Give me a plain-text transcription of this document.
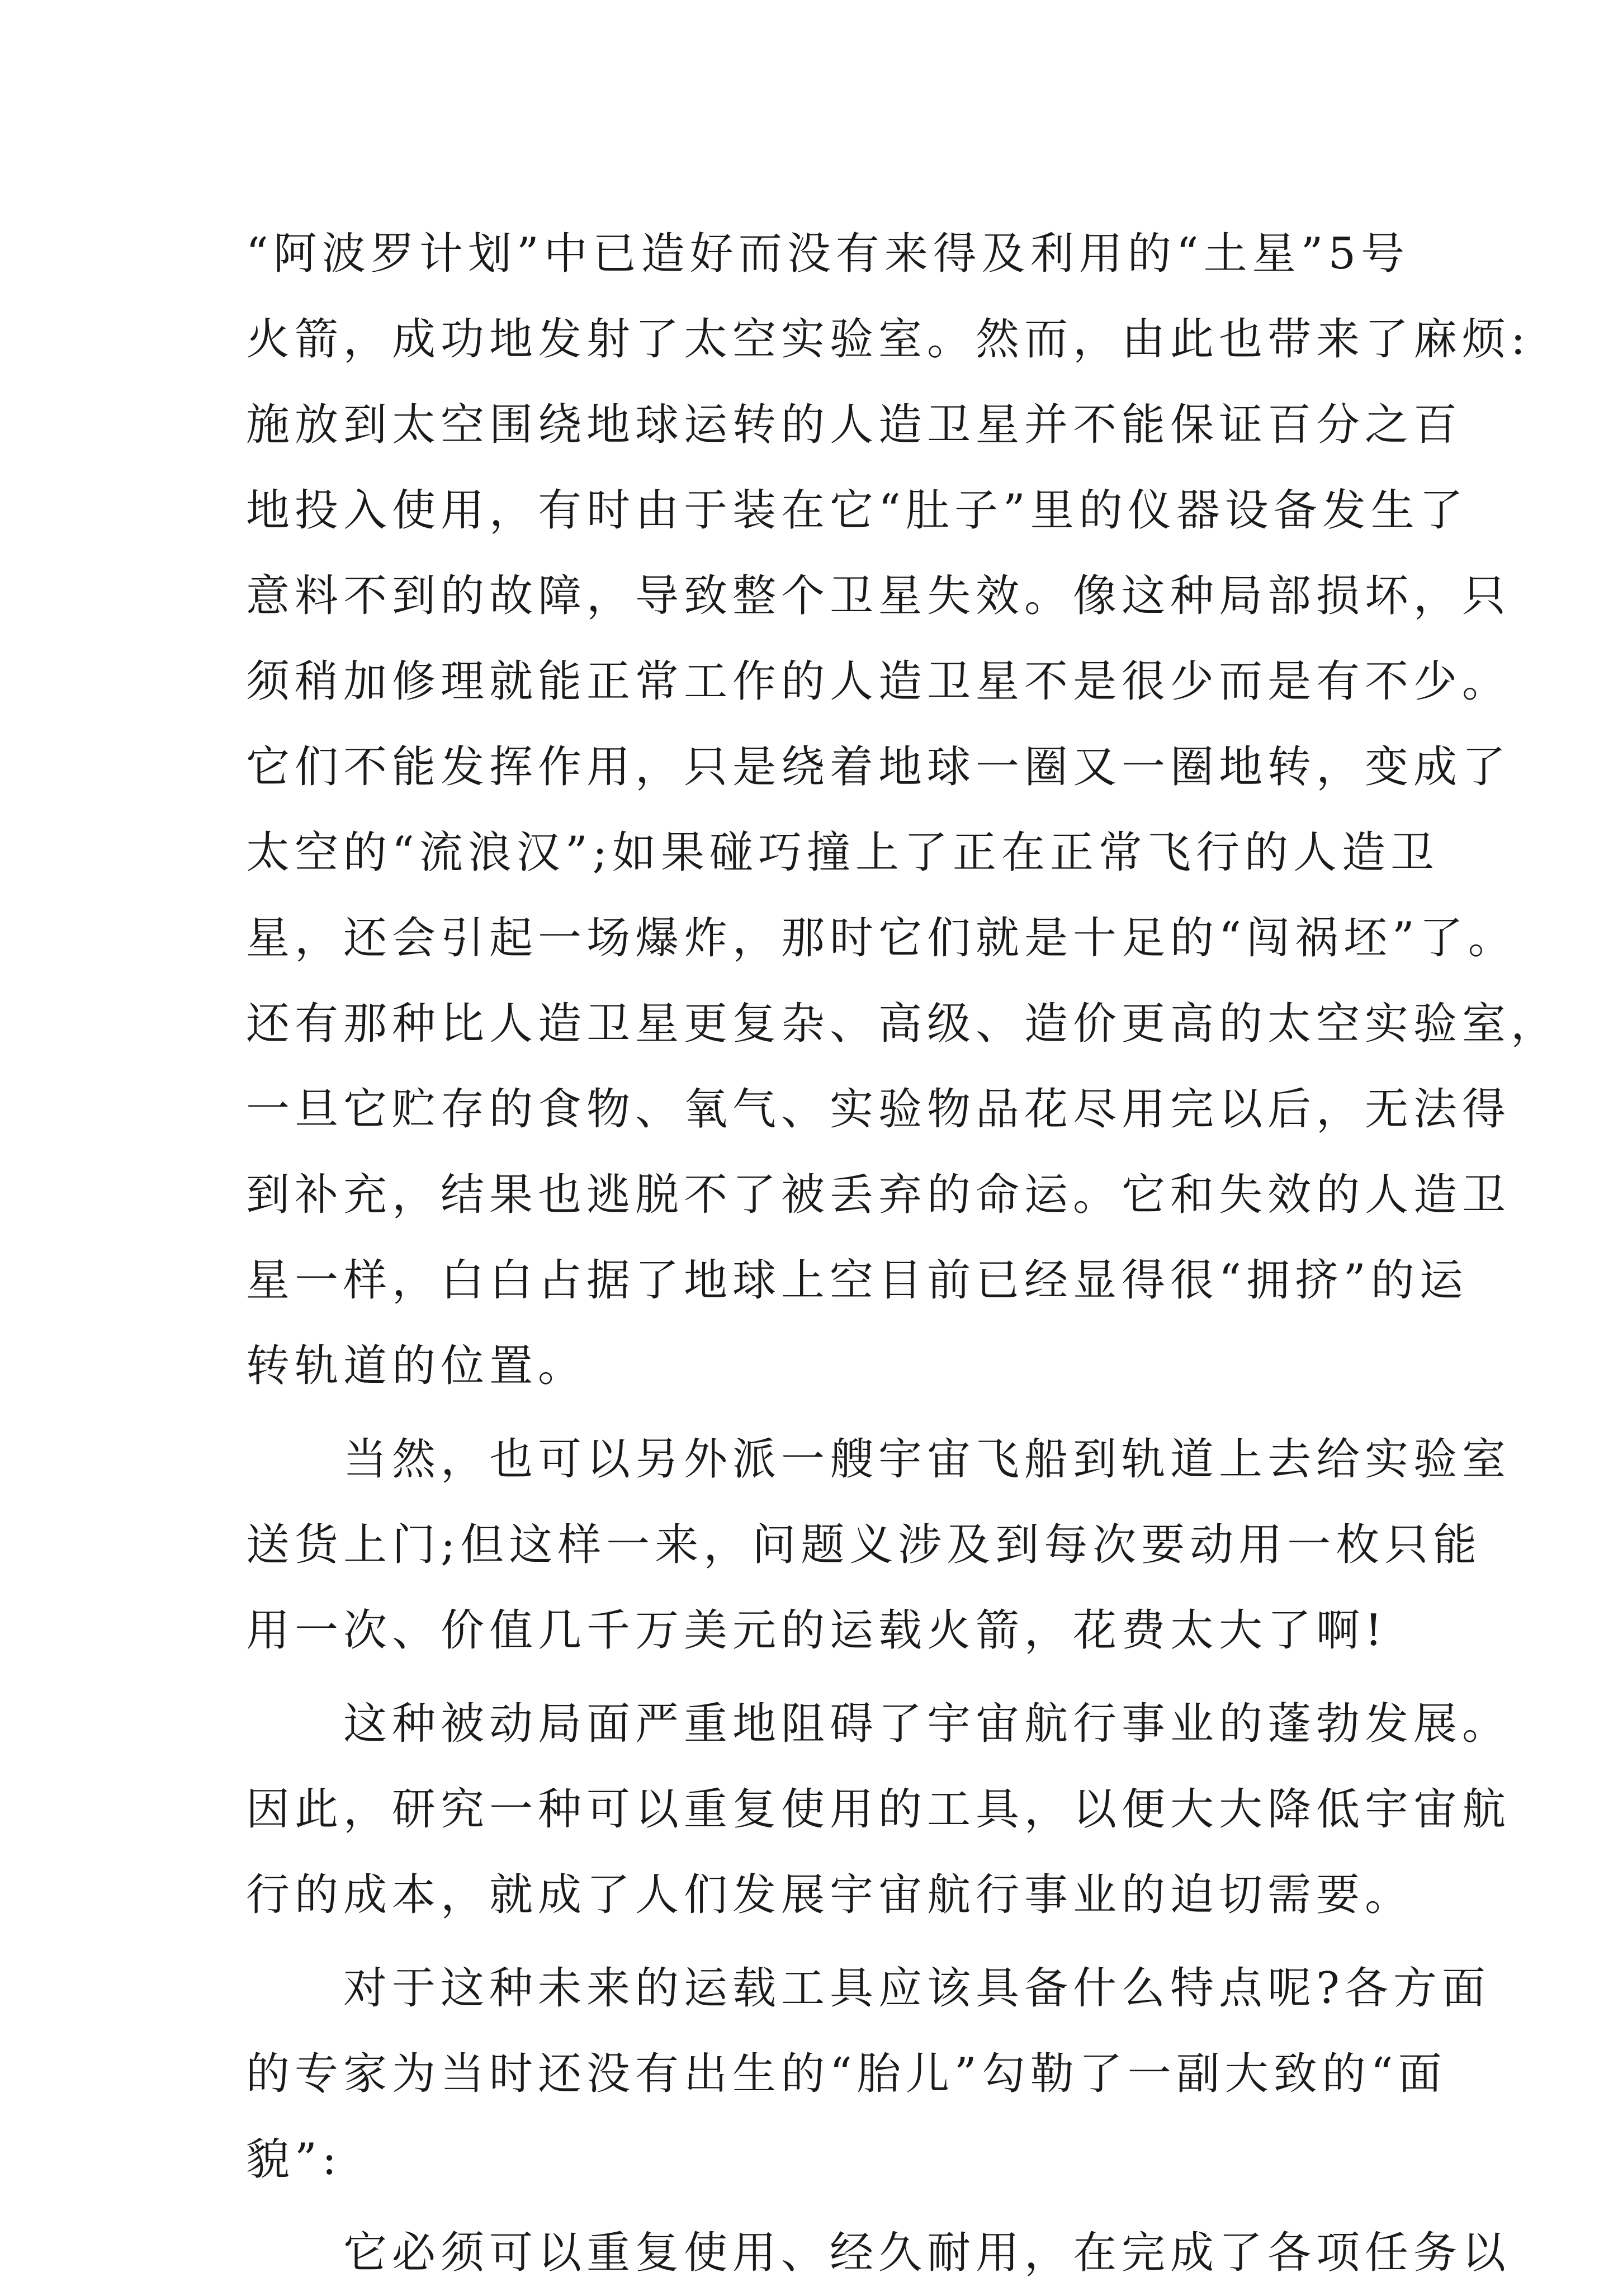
“阿波罗计划”中已造好而没有来得及利用的“土星”5号
火箭，成功地发射了太空实验室。然而，由此也带来了麻烦:
施放到太空围绕地球运转的人造卫星并不能保证百分之百
地投入使用，有时由于装在它“肚子”里的仪器设备发生了
意料不到的故障，导致整个卫星失效。像这种局部损坏，只
须稍加修理就能正常工作的人造卫星不是很少而是有不少。
它们不能发挥作用，只是绕着地球一圈又一圈地转，变成了
太空的“流浪汉”;如果碰巧撞上了正在正常飞行的人造卫
星，还会引起一场爆炸，那时它们就是十足的“闯祸坯”了。
还有那种比人造卫星更复杂、高级、造价更高的太空实验室，
一旦它贮存的食物、氧气、实验物品花尽用完以后，无法得
到补充，结果也逃脱不了被丢弃的命运。它和失效的人造卫
星一样，白白占据了地球上空目前已经显得很“拥挤”的运
转轨道的位置。
　　当然，也可以另外派一艘宇宙飞船到轨道上去给实验室
送货上门;但这样一来，问题义涉及到每次要动用一枚只能
用一次、价值几千万美元的运载火箭，花费太大了啊!
　　这种被动局面严重地阻碍了宇宙航行事业的蓬勃发展。
因此，研究一种可以重复使用的工具，以便大大降低宇宙航
行的成本，就成了人们发展宇宙航行事业的迫切需要。
　　对于这种未来的运载工具应该具备什么特点呢?各方面
的专家为当时还没有出生的“胎儿”勾勒了一副大致的“面
貌”:
　　它必须可以重复使用、经久耐用，在完成了各项任务以
